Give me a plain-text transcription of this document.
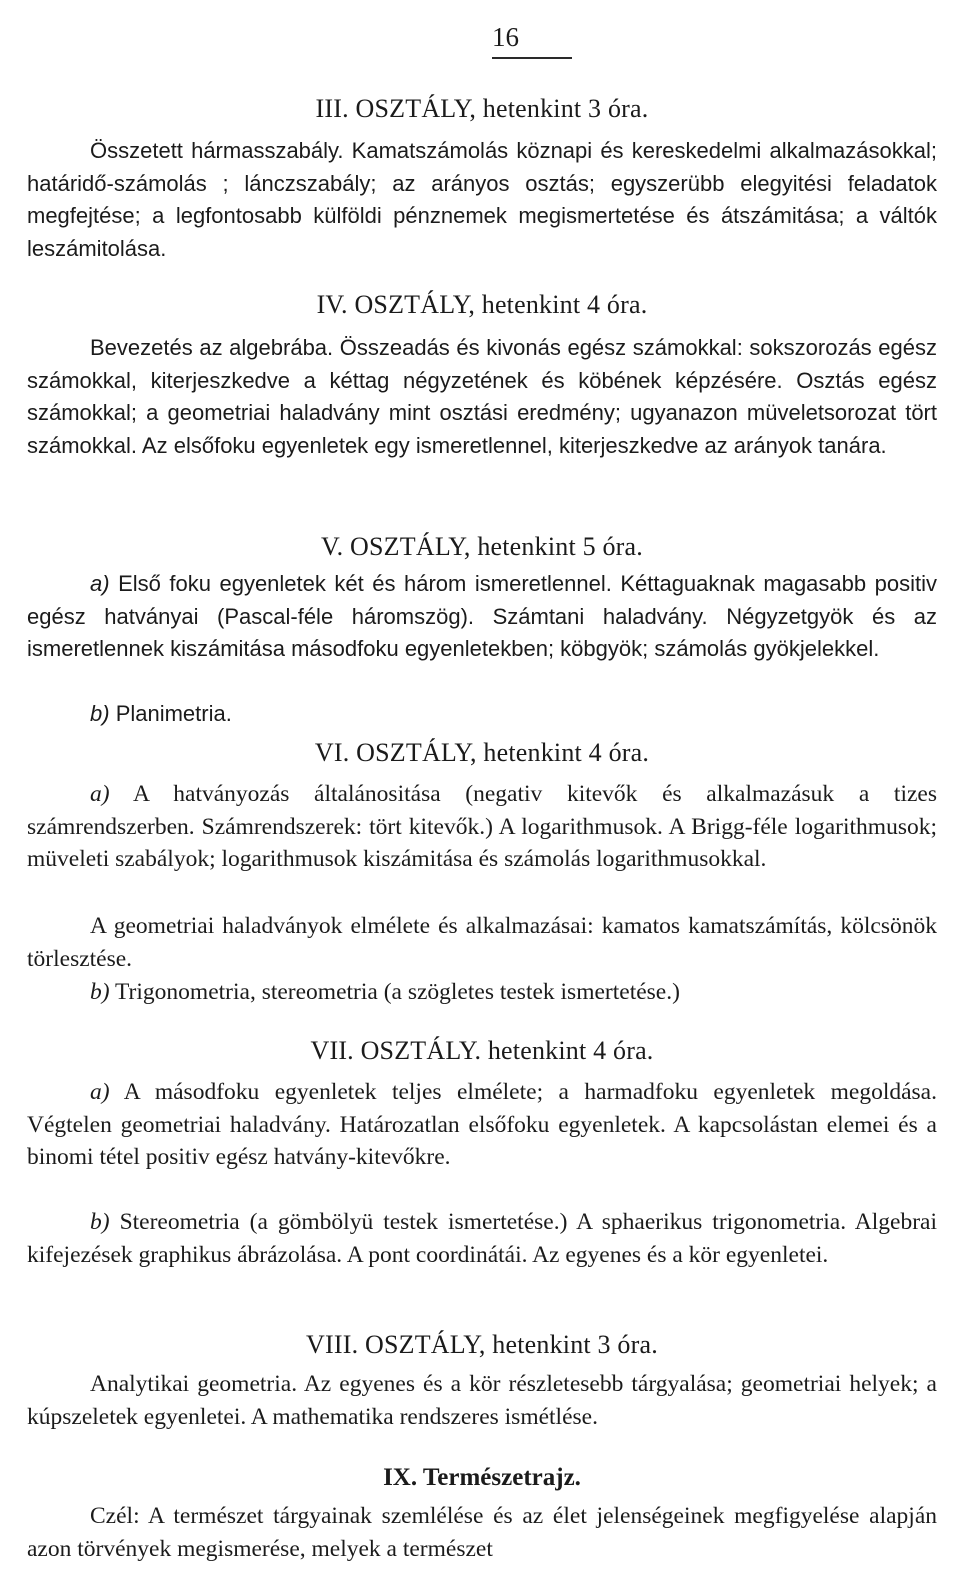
16
III. OSZTÁLY, hetenkint 3 óra.
Összetett hármasszabály. Kamatszámolás köznapi és kereskedelmi alkalmazásokkal; határidő-számolás ; lánczszabály; az arányos osztás; egyszerübb elegyitési feladatok megfejtése; a legfontosabb külföldi pénznemek megismertetése és átszámitása; a váltók leszámitolása.
IV. OSZTÁLY, hetenkint 4 óra.
Bevezetés az algebrába. Összeadás és kivonás egész számokkal: sokszorozás egész számokkal, kiterjeszkedve a kéttag négyzetének és köbének képzésére. Osztás egész számokkal; a geometriai haladvány mint osztási eredmény; ugyanazon müveletsorozat tört számokkal. Az elsőfoku egyenletek egy ismeretlennel, kiterjeszkedve az arányok tanára.
V. OSZTÁLY, hetenkint 5 óra.
a) Első foku egyenletek két és három ismeretlennel. Kéttaguaknak magasabb positiv egész hatványai (Pascal-féle háromszög). Számtani haladvány. Négyzetgyök és az ismeretlennek kiszámitása másodfoku egyenletekben; köbgyök; számolás gyökjelekkel.
b) Planimetria.
VI. OSZTÁLY, hetenkint 4 óra.
a) A hatványozás általánositása (negativ kitevők és alkalmazásuk a tizes számrendszerben. Számrendszerek: tört kitevők.) A logarithmusok. A Brigg-féle logarithmusok; müveleti szabályok; logarithmusok kiszámitása és számolás logarithmusokkal.
A geometriai haladványok elmélete és alkalmazásai: kamatos kamatszámítás, kölcsönök törlesztése.
b) Trigonometria, stereometria (a szögletes testek ismertetése.)
VII. OSZTÁLY. hetenkint 4 óra.
a) A másodfoku egyenletek teljes elmélete; a harmadfoku egyenletek megoldása. Végtelen geometriai haladvány. Határozatlan elsőfoku egyenletek. A kapcsolástan elemei és a binomi tétel positiv egész hatvány-kitevőkre.
b) Stereometria (a gömbölyü testek ismertetése.) A sphaerikus trigonometria. Algebrai kifejezések graphikus ábrázolása. A pont coordinátái. Az egyenes és a kör egyenletei.
VIII. OSZTÁLY, hetenkint 3 óra.
Analytikai geometria. Az egyenes és a kör részletesebb tárgyalása; geometriai helyek; a kúpszeletek egyenletei. A mathematika rendszeres ismétlése.
IX. Természetrajz.
Czél: A természet tárgyainak szemlélése és az élet jelenségeinek megfigyelése alapján azon törvények megismerése, melyek a természet
